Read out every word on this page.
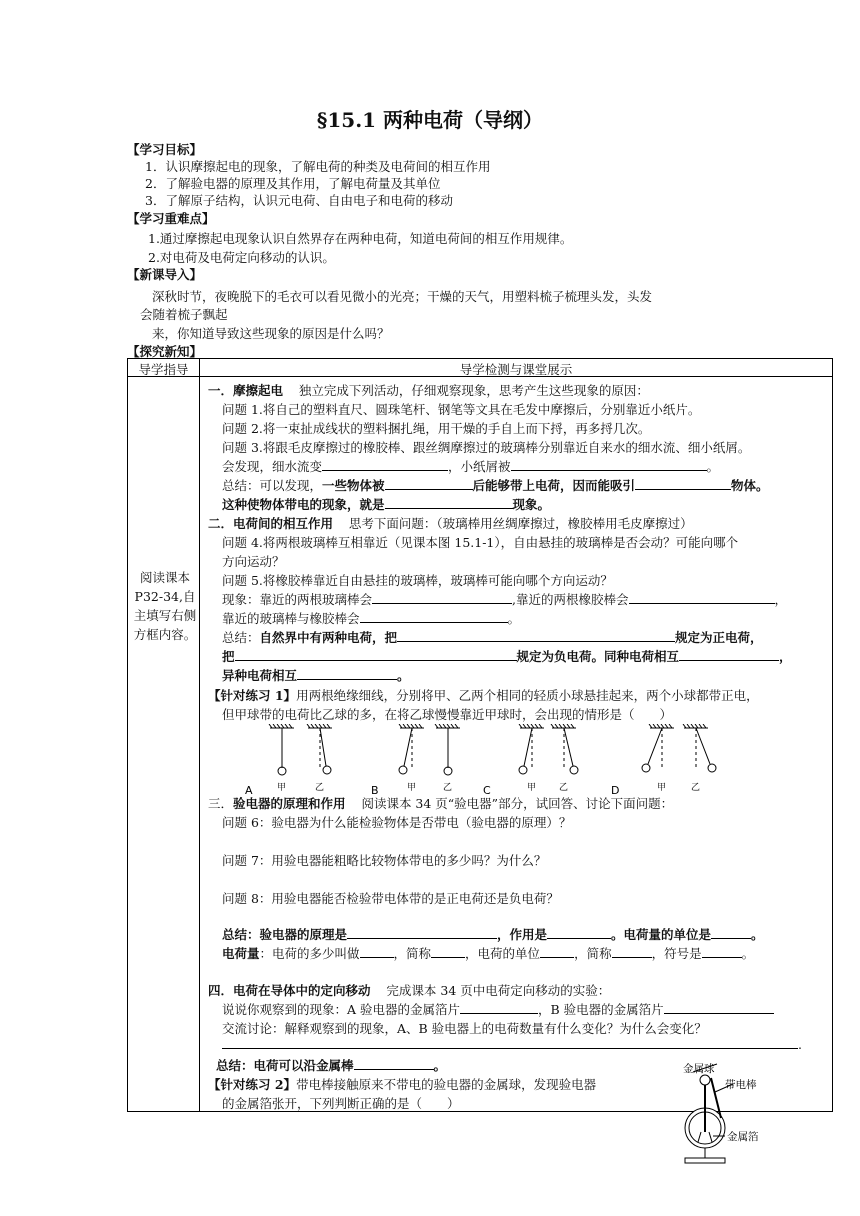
§15.1 两种电荷（导纲）
【学习目标】
1．认识摩擦起电的现象，了解电荷的种类及电荷间的相互作用
2．了解验电器的原理及其作用，了解电荷量及其单位
3．了解原子结构，认识元电荷、自由电子和电荷的移动
【学习重难点】
1.通过摩擦起电现象认识自然界存在两种电荷，知道电荷间的相互作用规律。
2.对电荷及电荷定向移动的认识。
【新课导入】
深秋时节，夜晚脱下的毛衣可以看见微小的光亮；干燥的天气，用塑料梳子梳理头发，头发
会随着梳子飘起
来，你知道导致这些现象的原因是什么吗？
【探究新知】
导学指导	导学检测与课堂展示
阅读课本P32-34,自主填写右侧方框内容。
一．摩擦起电 独立完成下列活动，仔细观察现象，思考产生这些现象的原因：
问题 1.将自己的塑料直尺、圆珠笔杆、钢笔等文具在毛发中摩擦后，分别靠近小纸片。
问题 2.将一束扯成线状的塑料捆扎绳，用干燥的手自上而下捋，再多捋几次。
问题 3.将跟毛皮摩擦过的橡胶棒、跟丝绸摩擦过的玻璃棒分别靠近自来水的细水流、细小纸屑。
会发现，细水流变	，小纸屑被	。
总结：可以发现，一些物体被	后能够带上电荷，因而能吸引	物体。
这种使物体带电的现象，就是	现象。
二．电荷间的相互作用 思考下面问题：（玻璃棒用丝绸摩擦过，橡胶棒用毛皮摩擦过）
问题 4.将两根玻璃棒互相靠近（见课本图 15.1-1），自由悬挂的玻璃棒是否会动？可能向哪个
方向运动？
问题 5.将橡胶棒靠近自由悬挂的玻璃棒，玻璃棒可能向哪个方向运动？
现象：靠近的两根玻璃棒会	,靠近的两根橡胶棒会	，
靠近的玻璃棒与橡胶棒会	。
总结：自然界中有两种电荷，把	规定为正电荷，
把	规定为负电荷。同种电荷相互	，
异种电荷相互	。
【针对练习 1】用两根绝缘细线，分别将甲、乙两个相同的轻质小球悬挂起来，两个小球都带正电，
但甲球带的电荷比乙球的多，在将乙球慢慢靠近甲球时，会出现的情形是（　　）
A	甲	乙	B	甲	乙	C	甲	乙	D	甲	乙
三．验电器的原理和作用 阅读课本 34 页“验电器”部分，试回答、讨论下面问题：
问题 6：验电器为什么能检验物体是否带电（验电器的原理）？
问题 7：用验电器能粗略比较物体带电的多少吗？为什么？
问题 8：用验电器能否检验带电体带的是正电荷还是负电荷？
总结：验电器的原理是	，作用是	。电荷量的单位是	。
电荷量：电荷的多少叫做	，简称	，电荷的单位	，简称	，符号是	。
四．电荷在导体中的定向移动 完成课本 34 页中电荷定向移动的实验：
说说你观察到的现象：A 验电器的金属箔片	，B 验电器的金属箔片
交流讨论：解释观察到的现象，A、B 验电器上的电荷数量有什么变化？为什么会变化？
.
总结：电荷可以沿金属棒	。
【针对练习 2】带电棒接触原来不带电的验电器的金属球，发现验电器
的金属箔张开，下列判断正确的是（　　）
金属球
带电棒
金属箔
